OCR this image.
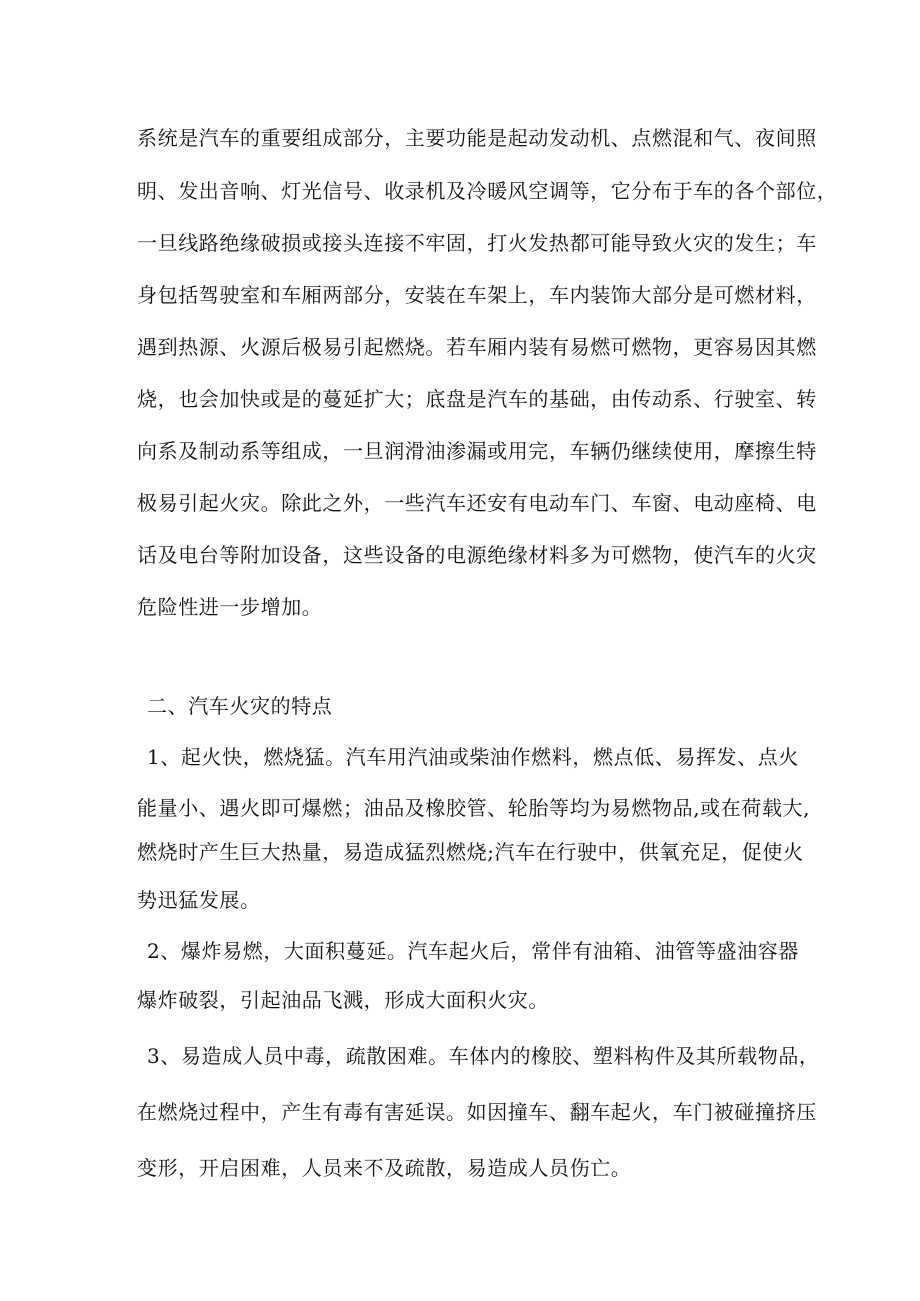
系统是汽车的重要组成部分，主要功能是起动发动机、点燃混和气、夜间照
明、发出音响、灯光信号、收录机及冷暖风空调等，它分布于车的各个部位，
一旦线路绝缘破损或接头连接不牢固，打火发热都可能导致火灾的发生；车
身包括驾驶室和车厢两部分，安装在车架上，车内装饰大部分是可燃材料，
遇到热源、火源后极易引起燃烧。若车厢内装有易燃可燃物，更容易因其燃
烧，也会加快或是的蔓延扩大；底盘是汽车的基础，由传动系、行驶室、转
向系及制动系等组成，一旦润滑油渗漏或用完，车辆仍继续使用，摩擦生特
极易引起火灾。除此之外，一些汽车还安有电动车门、车窗、电动座椅、电
话及电台等附加设备，这些设备的电源绝缘材料多为可燃物，使汽车的火灾
危险性进一步增加。
二、汽车火灾的特点
1、起火快，燃烧猛。汽车用汽油或柴油作燃料，燃点低、易挥发、点火
能量小、遇火即可爆燃；油品及橡胶管、轮胎等均为易燃物品,或在荷载大,
燃烧时产生巨大热量，易造成猛烈燃烧;汽车在行驶中，供氧充足，促使火
势迅猛发展。
2、爆炸易燃，大面积蔓延。汽车起火后，常伴有油箱、油管等盛油容器
爆炸破裂，引起油品飞溅，形成大面积火灾。
3、易造成人员中毒，疏散困难。车体内的橡胶、塑料构件及其所载物品，
在燃烧过程中，产生有毒有害延误。如因撞车、翻车起火，车门被碰撞挤压
变形，开启困难，人员来不及疏散，易造成人员伤亡。
